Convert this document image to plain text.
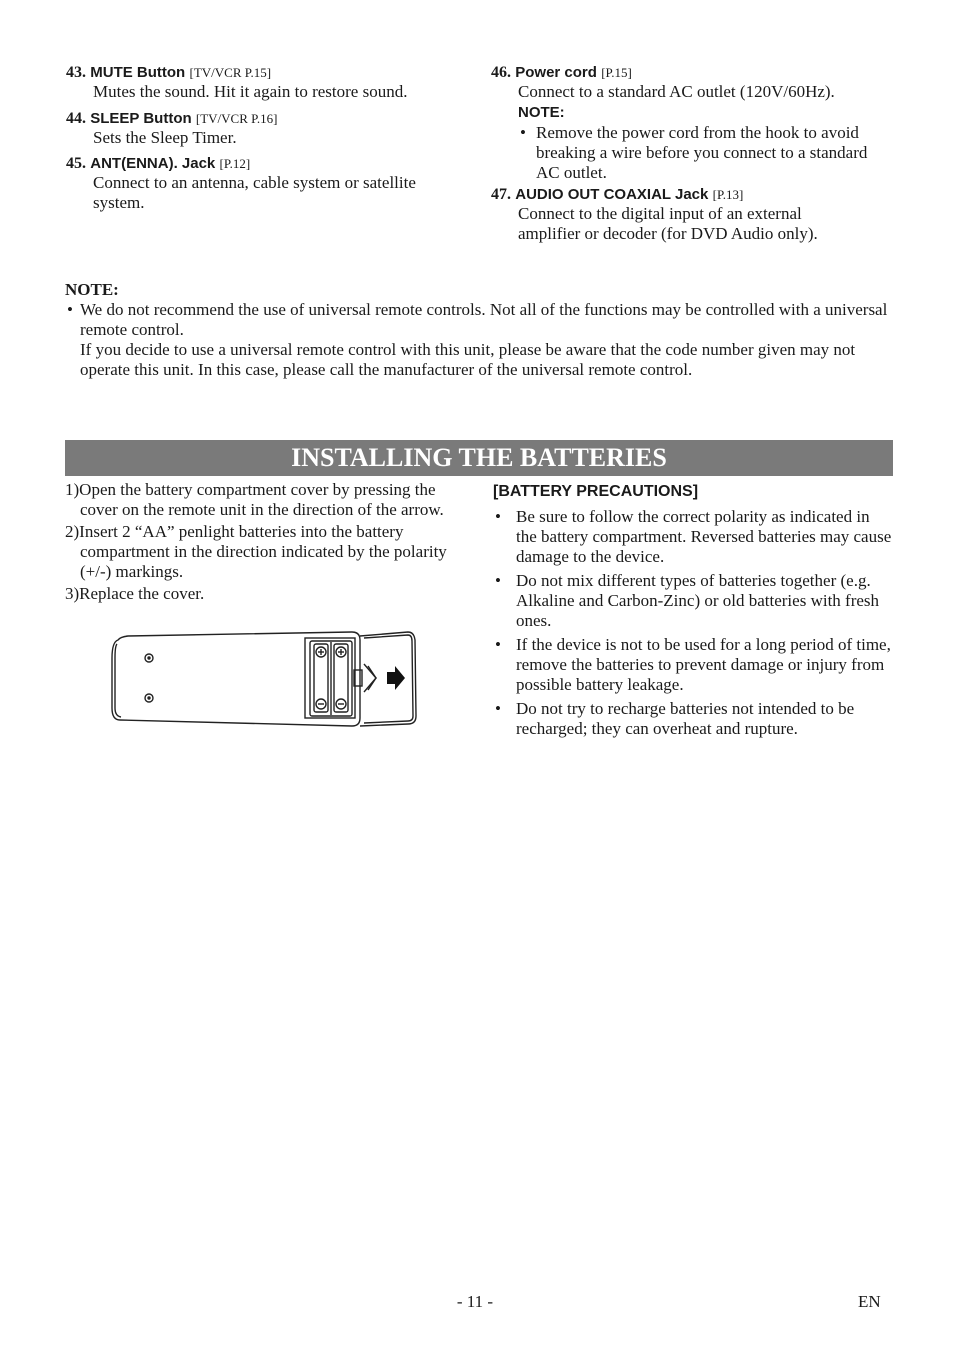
43. MUTE Button [TV/VCR P.15]
Mutes the sound. Hit it again to restore sound.
44. SLEEP Button [TV/VCR P.16]
Sets the Sleep Timer.
45. ANT(ENNA). Jack [P.12]
Connect to an antenna, cable system or satellite system.
46. Power cord [P.15]
Connect to a standard AC outlet (120V/60Hz).
NOTE:
• Remove the power cord from the hook to avoid breaking a wire before you connect to a standard AC outlet.
47. AUDIO OUT COAXIAL Jack [P.13]
Connect to the digital input of an external amplifier or decoder (for DVD Audio only).
NOTE:
• We do not recommend the use of universal remote controls. Not all of the functions may be controlled with a universal remote control.
If you decide to use a universal remote control with this unit, please be aware that the code number given may not operate this unit. In this case, please call the manufacturer of the universal remote control.
INSTALLING THE BATTERIES
1)Open the battery compartment cover by pressing the cover on the remote unit in the direction of the arrow.
2)Insert 2 “AA” penlight batteries into the battery compartment in the direction indicated by the polarity (+/-) markings.
3)Replace the cover.
[BATTERY PRECAUTIONS]
• Be sure to follow the correct polarity as indicated in the battery compartment. Reversed batteries may cause damage to the device.
• Do not mix different types of batteries together (e.g. Alkaline and Carbon-Zinc) or old batteries with fresh ones.
• If the device is not to be used for a long period of time, remove the batteries to prevent damage or injury from possible battery leakage.
• Do not try to recharge batteries not intended to be recharged; they can overheat and rupture.
- 11 -	EN
